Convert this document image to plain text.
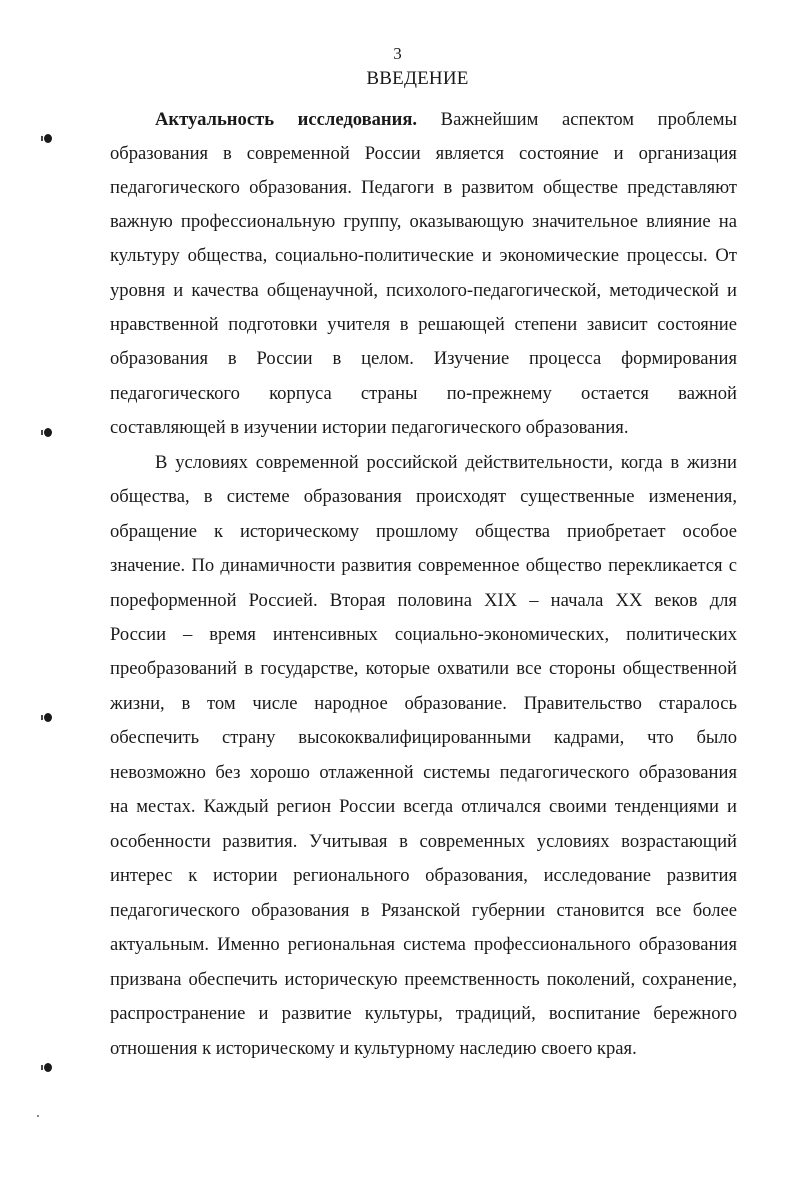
3
ВВЕДЕНИЕ
Актуальность исследования. Важнейшим аспектом проблемы
образования в современной России является состояние и организация
педагогического образования. Педагоги в развитом обществе представляют
важную профессиональную группу, оказывающую значительное влияние на
культуру общества, социально-политические и экономические процессы. От
уровня и качества общенаучной, психолого-педагогической, методической и
нравственной подготовки учителя в решающей степени зависит состояние
образования в России в целом. Изучение процесса формирования
педагогического корпуса страны по-прежнему остается важной
составляющей в изучении истории педагогического образования.
В условиях современной российской действительности, когда в жизни
общества, в системе образования происходят существенные изменения,
обращение к историческому прошлому общества приобретает особое
значение. По динамичности развития современное общество перекликается с
пореформенной Россией. Вторая половина XIX – начала XX веков для
России – время интенсивных социально-экономических, политических
преобразований в государстве, которые охватили все стороны общественной
жизни, в том числе народное образование. Правительство старалось
обеспечить страну высококвалифицированными кадрами, что было
невозможно без хорошо отлаженной системы педагогического образования
на местах. Каждый регион России всегда отличался своими тенденциями и
особенности развития. Учитывая в современных условиях возрастающий
интерес к истории регионального образования, исследование развития
педагогического образования в Рязанской губернии становится все более
актуальным. Именно региональная система профессионального образования
призвана обеспечить историческую преемственность поколений, сохранение,
распространение и развитие культуры, традиций, воспитание бережного
отношения к историческому и культурному наследию своего края.
